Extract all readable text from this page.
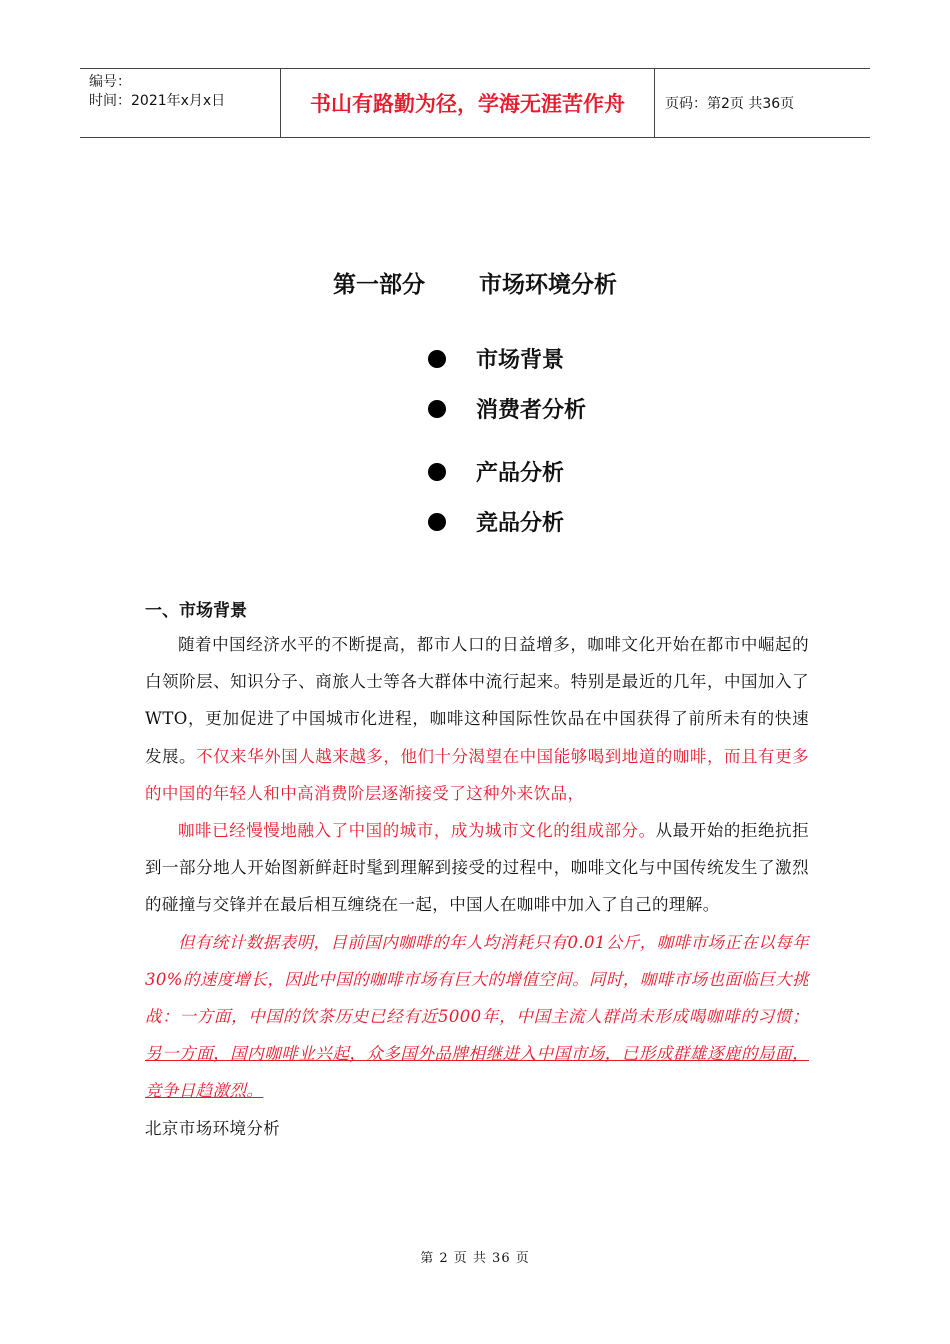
编号：
时间：2021年x月x日	书山有路勤为径，学海无涯苦作舟	页码：第2页 共36页
第一部分 市场环境分析
市场背景
消费者分析
产品分析
竞品分析
一、市场背景

随着中国经济水平的不断提高，都市人口的日益增多，咖啡文化开始在都市中崛起的白领阶层、知识分子、商旅人士等各大群体中流行起来。特别是最近的几年，中国加入了WTO，更加促进了中国城市化进程，咖啡这种国际性饮品在中国获得了前所未有的快速发展。不仅来华外国人越来越多，他们十分渴望在中国能够喝到地道的咖啡，而且有更多的中国的年轻人和中高消费阶层逐渐接受了这种外来饮品，

咖啡已经慢慢地融入了中国的城市，成为城市文化的组成部分。从最开始的拒绝抗拒到一部分地人开始图新鲜赶时髦到理解到接受的过程中，咖啡文化与中国传统发生了激烈的碰撞与交锋并在最后相互缠绕在一起，中国人在咖啡中加入了自己的理解。

但有统计数据表明，目前国内咖啡的年人均消耗只有0.01公斤，咖啡市场正在以每年30%的速度增长，因此中国的咖啡市场有巨大的增值空间。同时，咖啡市场也面临巨大挑战：一方面，中国的饮茶历史已经有近5000年，中国主流人群尚未形成喝咖啡的习惯；另一方面，国内咖啡业兴起，众多国外品牌相继进入中国市场，已形成群雄逐鹿的局面，竞争日趋激烈。

北京市场环境分析

第 2 页 共 36 页
